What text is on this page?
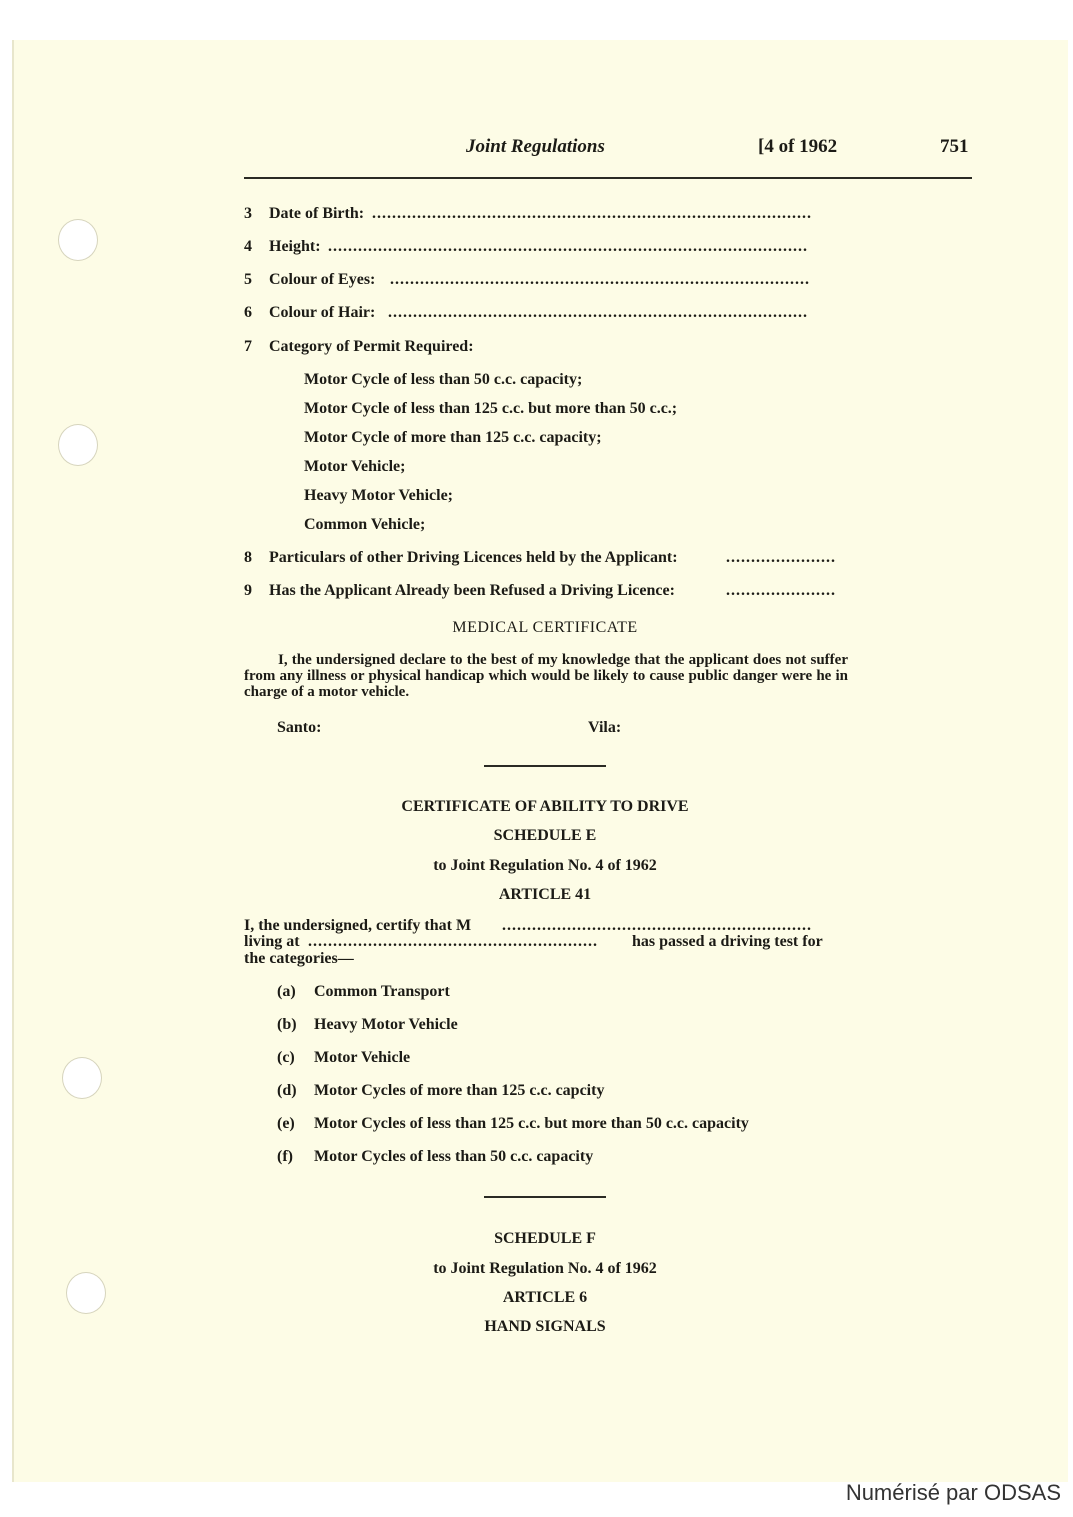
Joint Regulations	[4 of 1962	751
3 Date of Birth: ........................................................................................
4 Height: ................................................................................................
5 Colour of Eyes: ....................................................................................
6 Colour of Hair: ....................................................................................
7 Category of Permit Required:
Motor Cycle of less than 50 c.c. capacity;
Motor Cycle of less than 125 c.c. but more than 50 c.c.;
Motor Cycle of more than 125 c.c. capacity;
Motor Vehicle;
Heavy Motor Vehicle;
Common Vehicle;
8 Particulars of other Driving Licences held by the Applicant:	......................
9 Has the Applicant Already been Refused a Driving Licence:	......................
MEDICAL CERTIFICATE
I, the undersigned declare to the best of my knowledge that the applicant does not suffer from any illness or physical handicap which would be likely to cause public danger were he in charge of a motor vehicle.
Santo:	Vila:
CERTIFICATE OF ABILITY TO DRIVE
SCHEDULE E
to Joint Regulation No. 4 of 1962
ARTICLE 41
I, the undersigned, certify that M ..............................................................
living at ..........................................................	has passed a driving test for
the categories—
(a) Common Transport
(b) Heavy Motor Vehicle
(c) Motor Vehicle
(d) Motor Cycles of more than 125 c.c. capcity
(e) Motor Cycles of less than 125 c.c. but more than 50 c.c. capacity
(f) Motor Cycles of less than 50 c.c. capacity
SCHEDULE F
to Joint Regulation No. 4 of 1962
ARTICLE 6
HAND SIGNALS
Numérisé par ODSAS
